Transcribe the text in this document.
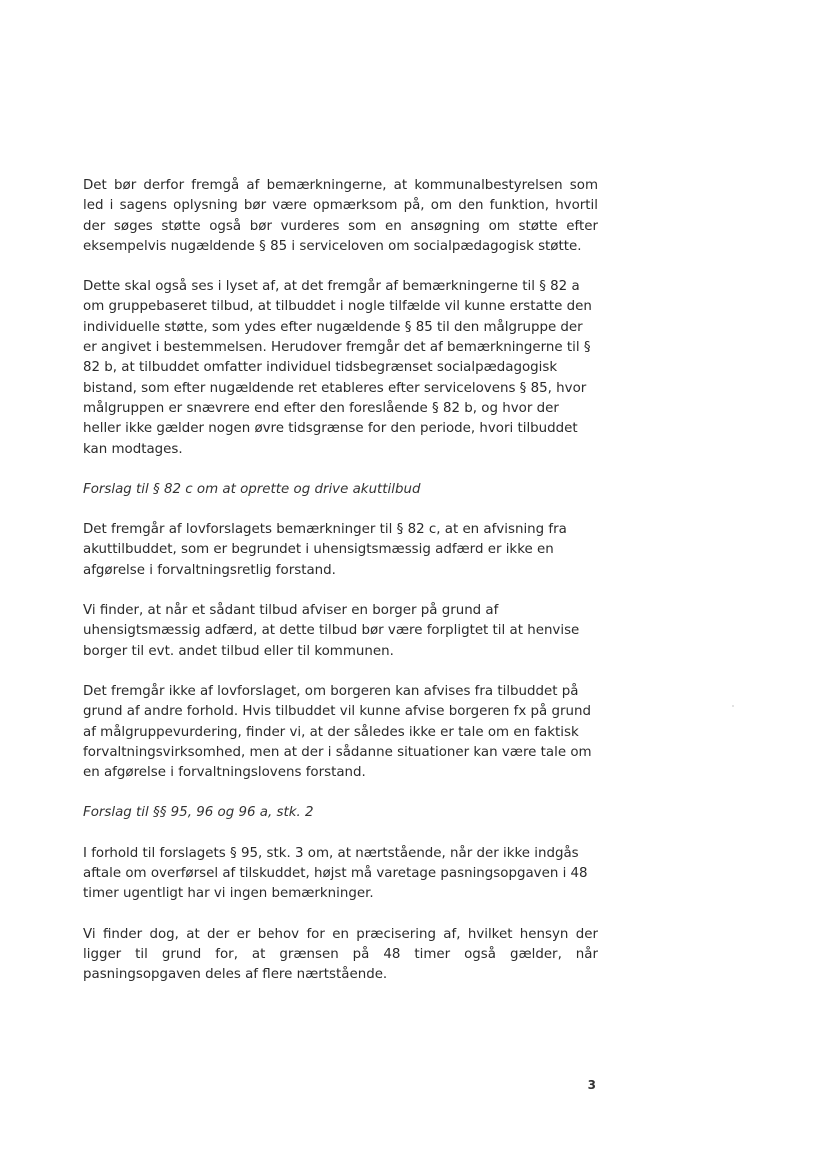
Det bør derfor fremgå af bemærkningerne, at kommunalbestyrelsen som led i sagens oplysning bør være opmærksom på, om den funktion, hvortil der søges støtte også bør vurderes som en ansøgning om støtte efter eksempelvis nugældende § 85 i serviceloven om socialpædagogisk støtte.

Dette skal også ses i lyset af, at det fremgår af bemærkningerne til § 82 a om gruppebaseret tilbud, at tilbuddet i nogle tilfælde vil kunne erstatte den individuelle støtte, som ydes efter nugældende § 85 til den målgruppe der er angivet i bestemmelsen. Herudover fremgår det af bemærkningerne til § 82 b, at tilbuddet omfatter individuel tidsbegrænset socialpædagogisk bistand, som efter nugældende ret etableres efter servicelovens § 85, hvor målgruppen er snævrere end efter den foreslående § 82 b, og hvor der heller ikke gælder nogen øvre tidsgrænse for den periode, hvori tilbuddet kan modtages.

Forslag til § 82 c om at oprette og drive akuttilbud

Det fremgår af lovforslagets bemærkninger til § 82 c, at en afvisning fra akuttilbuddet, som er begrundet i uhensigtsmæssig adfærd er ikke en afgørelse i forvaltningsretlig forstand.

Vi finder, at når et sådant tilbud afviser en borger på grund af uhensigtsmæssig adfærd, at dette tilbud bør være forpligtet til at henvise borger til evt. andet tilbud eller til kommunen.

Det fremgår ikke af lovforslaget, om borgeren kan afvises fra tilbuddet på grund af andre forhold. Hvis tilbuddet vil kunne afvise borgeren fx på grund af målgruppevurdering, finder vi, at der således ikke er tale om en faktisk forvaltningsvirksomhed, men at der i sådanne situationer kan være tale om en afgørelse i forvaltningslovens forstand.

Forslag til §§ 95, 96 og 96 a, stk. 2

I forhold til forslagets § 95, stk. 3 om, at nærtstående, når der ikke indgås aftale om overførsel af tilskuddet, højst må varetage pasningsopgaven i 48 timer ugentligt har vi ingen bemærkninger.

Vi finder dog, at der er behov for en præcisering af, hvilket hensyn der ligger til grund for, at grænsen på 48 timer også gælder, når pasningsopgaven deles af flere nærtstående.

3
